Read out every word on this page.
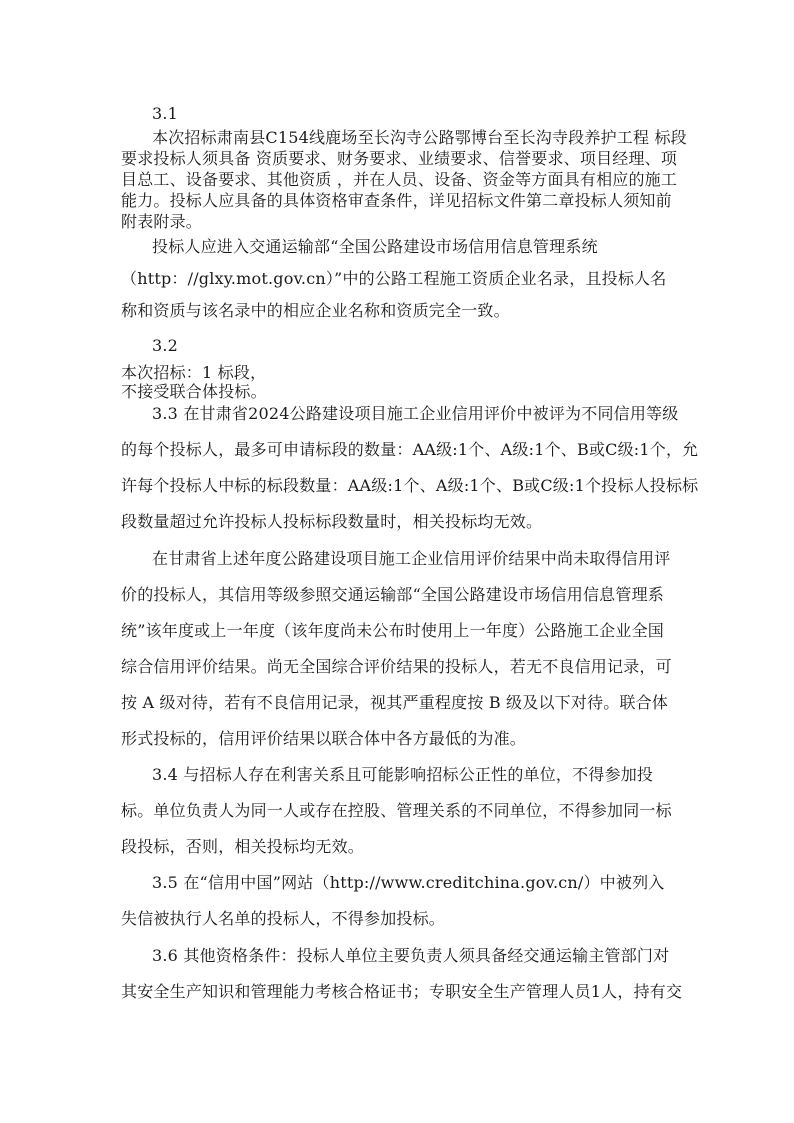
3.1
本次招标肃南县C154线鹿场至长沟寺公路鄂博台至长沟寺段养护工程 标段
要求投标人须具备 资质要求、财务要求、业绩要求、信誉要求、项目经理、项
目总工、设备要求、其他资质 ，并在人员、设备、资金等方面具有相应的施工
能力。投标人应具备的具体资格审查条件，详见招标文件第二章投标人须知前
附表附录。
投标人应进入交通运输部“全国公路建设市场信用信息管理系统
（http：//glxy.mot.gov.cn）”中的公路工程施工资质企业名录，且投标人名
称和资质与该名录中的相应企业名称和资质完全一致。
3.2
本次招标：1 标段，
不接受联合体投标。
3.3 在甘肃省2024公路建设项目施工企业信用评价中被评为不同信用等级
的每个投标人，最多可申请标段的数量：AA级:1个、A级:1个、B或C级:1个，允
许每个投标人中标的标段数量：AA级:1个、A级:1个、B或C级:1个投标人投标标
段数量超过允许投标人投标标段数量时，相关投标均无效。
在甘肃省上述年度公路建设项目施工企业信用评价结果中尚未取得信用评
价的投标人，其信用等级参照交通运输部“全国公路建设市场信用信息管理系
统”该年度或上一年度（该年度尚未公布时使用上一年度）公路施工企业全国
综合信用评价结果。尚无全国综合评价结果的投标人，若无不良信用记录，可
按 A 级对待，若有不良信用记录，视其严重程度按 B 级及以下对待。联合体
形式投标的，信用评价结果以联合体中各方最低的为准。
3.4 与招标人存在利害关系且可能影响招标公正性的单位，不得参加投
标。单位负责人为同一人或存在控股、管理关系的不同单位，不得参加同一标
段投标，否则，相关投标均无效。
3.5 在“信用中国”网站（http://www.creditchina.gov.cn/）中被列入
失信被执行人名单的投标人，不得参加投标。
3.6 其他资格条件：投标人单位主要负责人须具备经交通运输主管部门对
其安全生产知识和管理能力考核合格证书；专职安全生产管理人员1人，持有交
